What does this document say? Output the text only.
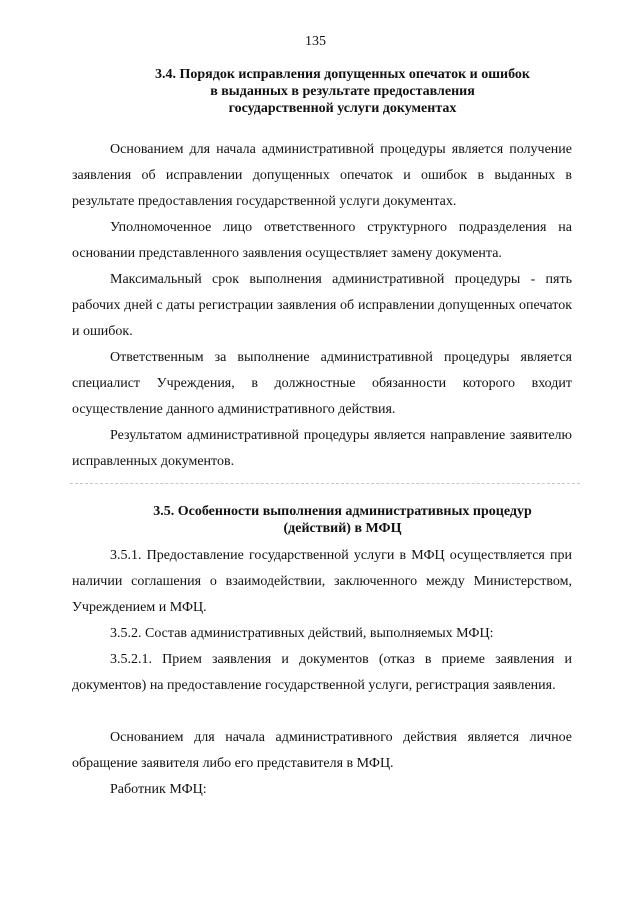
135
3.4. Порядок исправления допущенных опечаток и ошибок
в выданных в результате предоставления
государственной услуги документах

Основанием для начала административной процедуры является получение заявления об исправлении допущенных опечаток и ошибок в выданных в результате предоставления государственной услуги документах.

Уполномоченное лицо ответственного структурного подразделения на основании представленного заявления осуществляет замену документа.

Максимальный срок выполнения административной процедуры - пять рабочих дней с даты регистрации заявления об исправлении допущенных опечаток и ошибок.

Ответственным за выполнение административной процедуры является специалист Учреждения, в должностные обязанности которого входит осуществление данного административного действия.

Результатом административной процедуры является направление заявителю исправленных документов.

3.5. Особенности выполнения административных процедур
(действий) в МФЦ

3.5.1. Предоставление государственной услуги в МФЦ осуществляется при наличии соглашения о взаимодействии, заключенного между Министерством, Учреждением и МФЦ.

3.5.2. Состав административных действий, выполняемых МФЦ:

3.5.2.1. Прием заявления и документов (отказ в приеме заявления и документов) на предоставление государственной услуги, регистрация заявления.

Основанием для начала административного действия является личное обращение заявителя либо его представителя в МФЦ.

Работник МФЦ:
